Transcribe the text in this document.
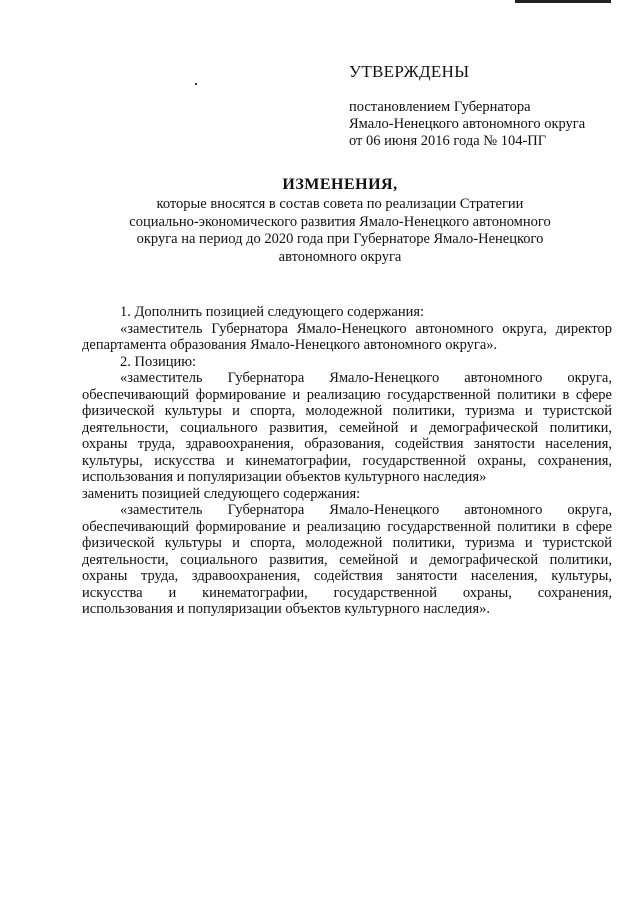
УТВЕРЖДЕНЫ
постановлением Губернатора
Ямало-Ненецкого автономного округа
от 06 июня 2016 года № 104-ПГ
ИЗМЕНЕНИЯ,
которые вносятся в состав совета по реализации Стратегии
социально-экономического развития Ямало-Ненецкого автономного
округа на период до 2020 года при Губернаторе Ямало-Ненецкого
автономного округа
1. Дополнить позицией следующего содержания:
«заместитель Губернатора Ямало-Ненецкого автономного округа, директор
департамента образования Ямало-Ненецкого автономного округа».
2. Позицию:
«заместитель Губернатора Ямало-Ненецкого автономного округа,
обеспечивающий формирование и реализацию государственной политики в сфере
физической культуры и спорта, молодежной политики, туризма и туристской
деятельности, социального развития, семейной и демографической политики,
охраны труда, здравоохранения, образования, содействия занятости населения,
культуры, искусства и кинематографии, государственной охраны, сохранения,
использования и популяризации объектов культурного наследия»
заменить позицией следующего содержания:
«заместитель Губернатора Ямало-Ненецкого автономного округа,
обеспечивающий формирование и реализацию государственной политики в сфере
физической культуры и спорта, молодежной политики, туризма и туристской
деятельности, социального развития, семейной и демографической политики,
охраны труда, здравоохранения, содействия занятости населения, культуры,
искусства и кинематографии, государственной охраны, сохранения,
использования и популяризации объектов культурного наследия».
